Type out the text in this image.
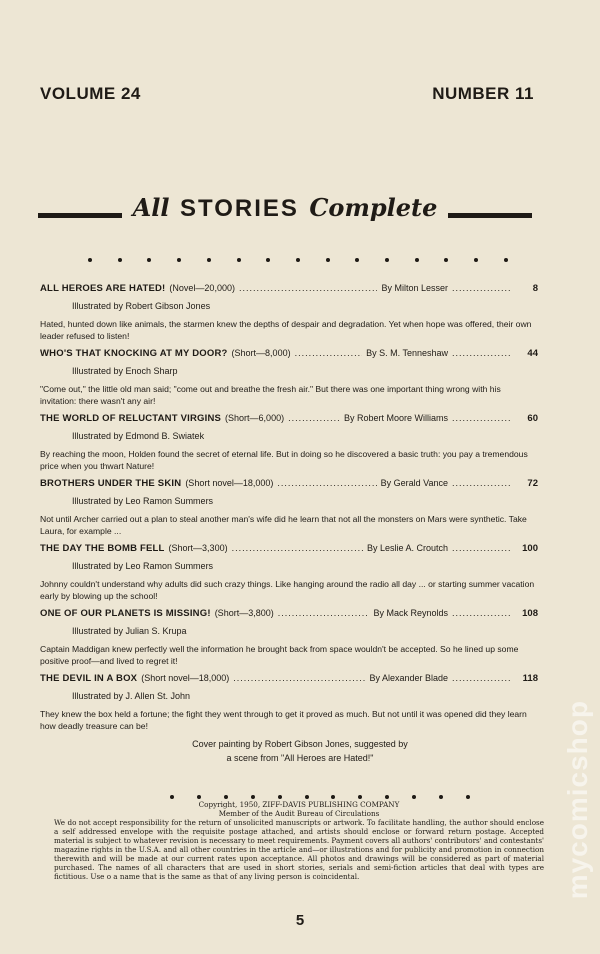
VOLUME 24	NUMBER 11
All STORIES Complete
ALL HEROES ARE HATED! (Novel—20,000) .....	By Milton Lesser .....	8
Illustrated by Robert Gibson Jones
Hated, hunted down like animals, the starmen knew the depths of despair and degradation. Yet when hope was offered, their own leader refused to listen!
WHO'S THAT KNOCKING AT MY DOOR? (Short—8,000) .....	By S. M. Tenneshaw .....	44
Illustrated by Enoch Sharp
"Come out," the little old man said; "come out and breathe the fresh air." But there was one important thing wrong with his invitation: there wasn't any air!
THE WORLD OF RELUCTANT VIRGINS (Short—6,000) .....	By Robert Moore Williams .....	60
Illustrated by Edmond B. Swiatek
By reaching the moon, Holden found the secret of eternal life. But in doing so he discovered a basic truth: you pay a tremendous price when you thwart Nature!
BROTHERS UNDER THE SKIN (Short novel—18,000) .....	By Gerald Vance .....	72
Illustrated by Leo Ramon Summers
Not until Archer carried out a plan to steal another man's wife did he learn that not all the monsters on Mars were synthetic. Take Laura, for example ...
THE DAY THE BOMB FELL (Short—3,300) .....	By Leslie A. Croutch .....	100
Illustrated by Leo Ramon Summers
Johnny couldn't understand why adults did such crazy things. Like hanging around the radio all day ... or starting summer vacation early by blowing up the school!
ONE OF OUR PLANETS IS MISSING! (Short—3,800) .....	By Mack Reynolds .....	108
Illustrated by Julian S. Krupa
Captain Maddigan knew perfectly well the information he brought back from space wouldn't be accepted. So he lined up some positive proof—and lived to regret it!
THE DEVIL IN A BOX (Short novel—18,000) .....	By Alexander Blade .....	118
Illustrated by J. Allen St. John
They knew the box held a fortune; the fight they went through to get it proved as much. But not until it was opened did they learn how deadly treasure can be!
Cover painting by Robert Gibson Jones, suggested by
a scene from "All Heroes are Hated!"
Copyright, 1950, ZIFF-DAVIS PUBLISHING COMPANY
Member of the Audit Bureau of Circulations
We do not accept responsibility for the return of unsolicited manuscripts or artwork. To facilitate handling, the author should enclose a self addressed envelope with the requisite postage attached, and artists should enclose or forward return postage. Accepted material is subject to whatever revision is necessary to meet requirements. Payment covers all authors' contributors' and contestants' magazine rights in the U.S.A. and all other countries in the article and—or illustrations and for publicity and promotion in connection therewith and will be made at our current rates upon acceptance. All photos and drawings will be considered as part of material purchased. The names of all characters that are used in short stories, serials and semi-fiction articles that deal with types are fictitious. Use o a name that is the same as that of any living person is coincidental.
5
mycomicshop
